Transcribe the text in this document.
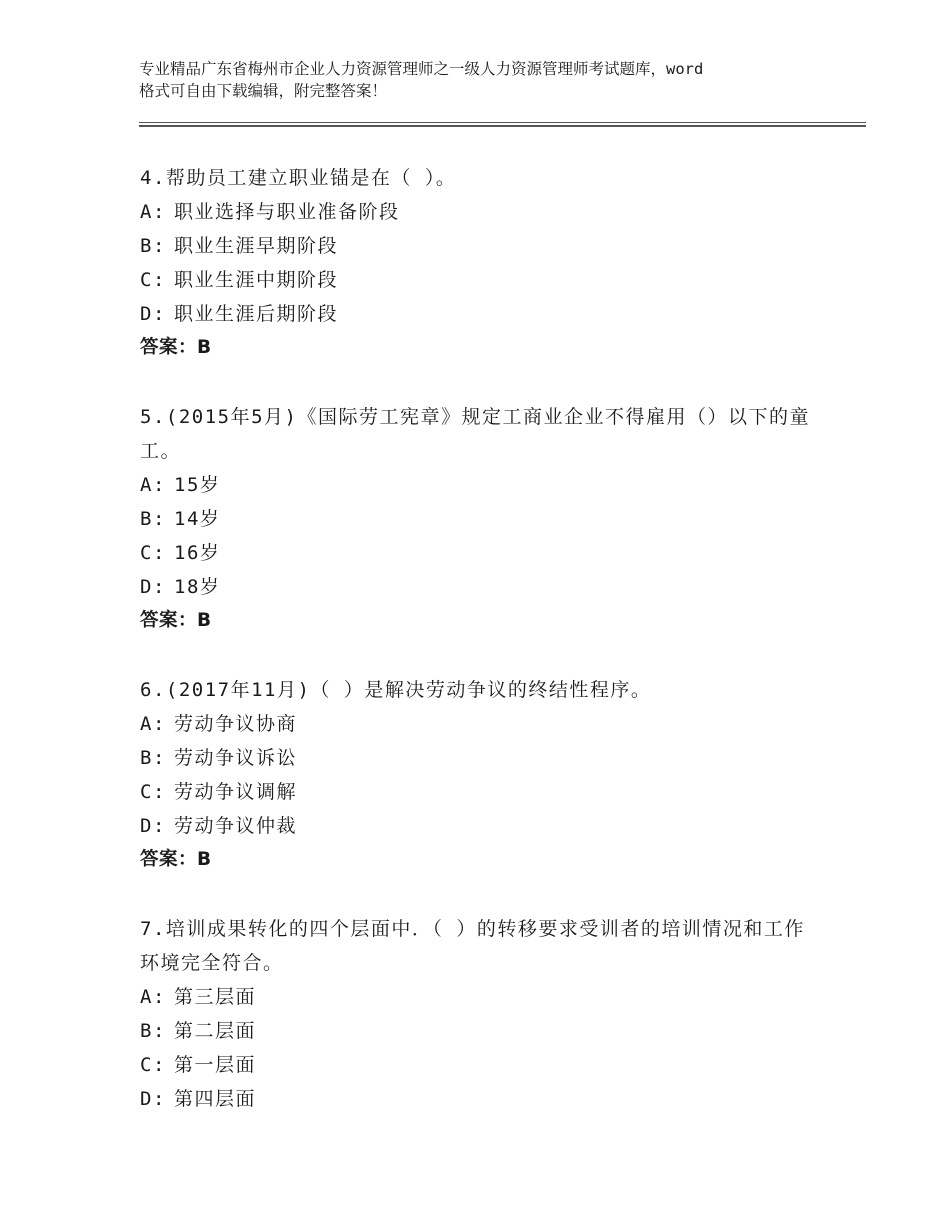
专业精品广东省梅州市企业人力资源管理师之一级人力资源管理师考试题库，word
格式可自由下载编辑，附完整答案！
4.帮助员工建立职业锚是在（ ）。
A: 职业选择与职业准备阶段
B: 职业生涯早期阶段
C: 职业生涯中期阶段
D: 职业生涯后期阶段
答案：B
5.(2015年5月)《国际劳工宪章》规定工商业企业不得雇用（）以下的童工。
A: 15岁
B: 14岁
C: 16岁
D: 18岁
答案：B
6.(2017年11月)（ ）是解决劳动争议的终结性程序。
A: 劳动争议协商
B: 劳动争议诉讼
C: 劳动争议调解
D: 劳动争议仲裁
答案：B
7.培训成果转化的四个层面中．（ ）的转移要求受训者的培训情况和工作环境完全符合。
A: 第三层面
B: 第二层面
C: 第一层面
D: 第四层面
